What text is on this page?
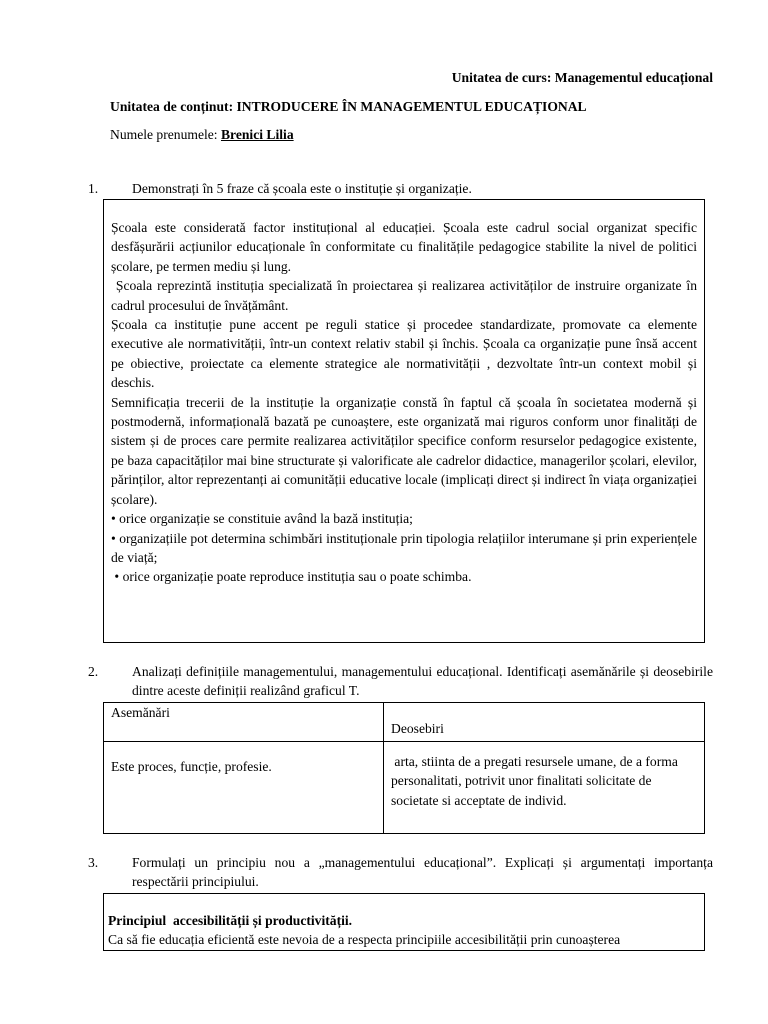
Unitatea de curs: Managementul educațional
Unitatea de conținut: INTRODUCERE ÎN MANAGEMENTUL EDUCAȚIONAL
Numele prenumele: Brenici Lilia
1. Demonstrați în 5 fraze că școala este o instituție și organizație.

Școala este considerată factor instituțional al educației. Școala este cadrul social organizat specific desfășurării acțiunilor educaționale în conformitate cu finalitățile pedagogice stabilite la nivel de politici școlare, pe termen mediu și lung.

Școala reprezintă instituția specializată în proiectarea și realizarea activităților de instruire organizate în cadrul procesului de învățământ.

Școala ca instituție pune accent pe reguli statice și procedee standardizate, promovate ca elemente executive ale normativității, într-un context relativ stabil și închis. Școala ca organizație pune însă accent pe obiective, proiectate ca elemente strategice ale normativității , dezvoltate într-un context mobil și deschis.

Semnificația trecerii de la instituție la organizație constă în faptul că școala în societatea modernă și postmodernă, informațională bazată pe cunoaștere, este organizată mai riguros conform unor finalități de sistem și de proces care permite realizarea activităților specifice conform resurselor pedagogice existente, pe baza capacităților mai bine structurate și valorificate ale cadrelor didactice, managerilor școlari, elevilor, părinților, altor reprezentanți ai comunității educative locale (implicați direct și indirect în viața organizației școlare).

• orice organizație se constituie având la bază instituția;

• organizațiile pot determina schimbări instituționale prin tipologia relațiilor interumane și prin experiențele de viață;

• orice organizație poate reproduce instituția sau o poate schimba.

2. Analizați definițiile managementului, managementului educațional. Identificați asemănările și deosebirile dintre aceste definiții realizând graficul T.
Asemănări
Deosebiri
Este proces, funcție, profesie.	arta, stiinta de a pregati resursele umane, de a forma personalitati, potrivit unor finalitati solicitate de societate si acceptate de individ.
3. Formulați un principiu nou a „managementului educațional”. Explicați și argumentați importanța respectării principiului.

Principiul  accesibilității și productivității.

Ca să fie educația eficientă este nevoia de a respecta principiile accesibilității prin cunoașterea
